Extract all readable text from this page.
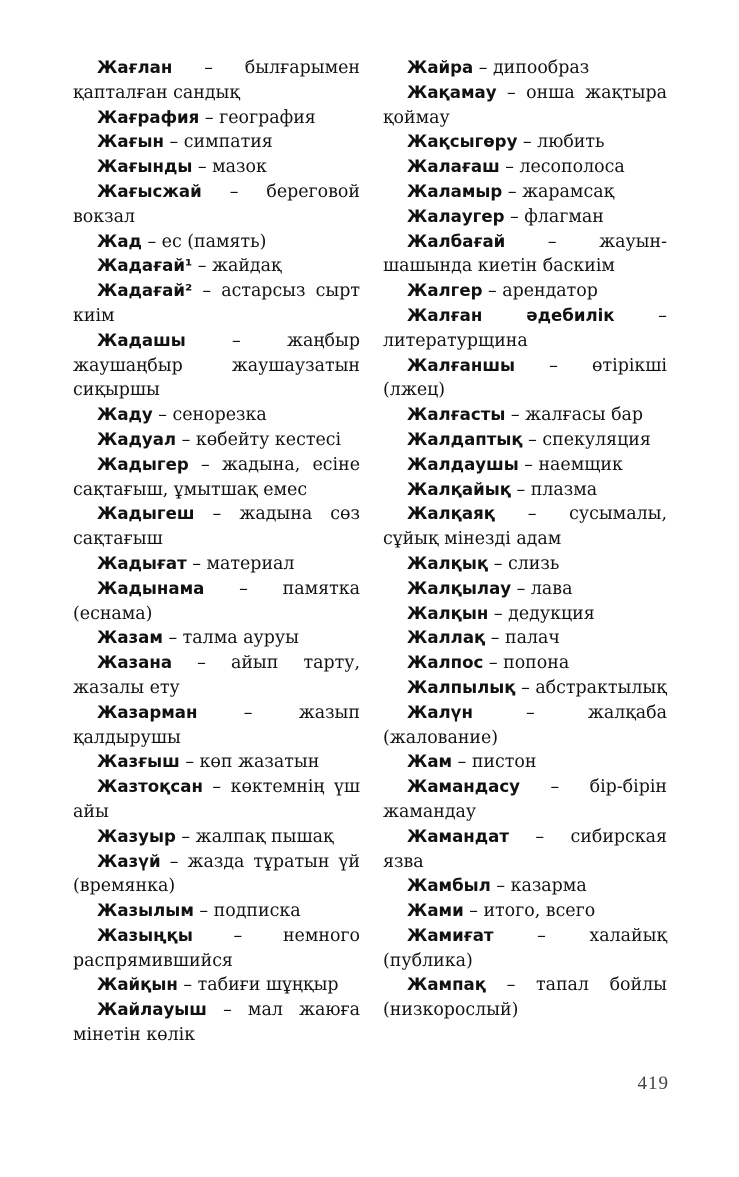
Жағлан – былғарымен қапталған сандық

Жағрафия – география

Жағын – симпатия

Жағынды – мазок

Жағысжай – береговой вокзал

Жад – ес (память)

Жадағай¹ – жайдақ

Жадағай² – астарсыз сырт киім

Жадашы – жаңбыр жаушаңбыр жаушаузатын сиқыршы

Жаду – сенорезка

Жадуал – көбейту кестесі

Жадыгер – жадына, есіне сақтағыш, ұмытшақ емес

Жадыгеш – жадына сөз сақтағыш

Жадығат – материал

Жадынама – памятка (еснама)

Жазам – талма ауруы

Жазана – айып тарту, жазалы ету

Жазарман – жазып қалдырушы

Жазғыш – көп жазатын

Жазтоқсан – көктемнің үш айы

Жазуыр – жалпақ пышақ

Жазүй – жазда тұратын үй (времянка)

Жазылым – подписка

Жазыңқы – немного распрямившийся

Жайқын – табиғи шұңқыр

Жайлауыш – мал жаюға мінетін көлік

Жайра – дипообраз

Жақамау – онша жақтыра қоймау

Жақсыгөру – любить

Жалағаш – лесополоса

Жаламыр – жарамсақ

Жалаугер – флагман

Жалбағай – жауын-шашында киетін баскиім

Жалгер – арендатор

Жалған әдебилік – литературщина

Жалғаншы – өтірікші (лжец)

Жалғасты – жалғасы бар

Жалдаптық – спекуляция

Жалдаушы – наемщик

Жалқайық – плазма

Жалқаяқ – сусымалы, сұйық мінезді адам

Жалқық – слизь

Жалқылау – лава

Жалқын – дедукция

Жаллақ – палач

Жалпос – попона

Жалпылық – абстрактылық

Жалүн – жалқаба (жалование)

Жам – пистон

Жамандасу – бір-бірін жамандау

Жамандат – сибирская язва

Жамбыл – казарма

Жами – итого, всего

Жамиғат – халайық (публика)

Жампақ – тапал бойлы (низкорослый)

419
